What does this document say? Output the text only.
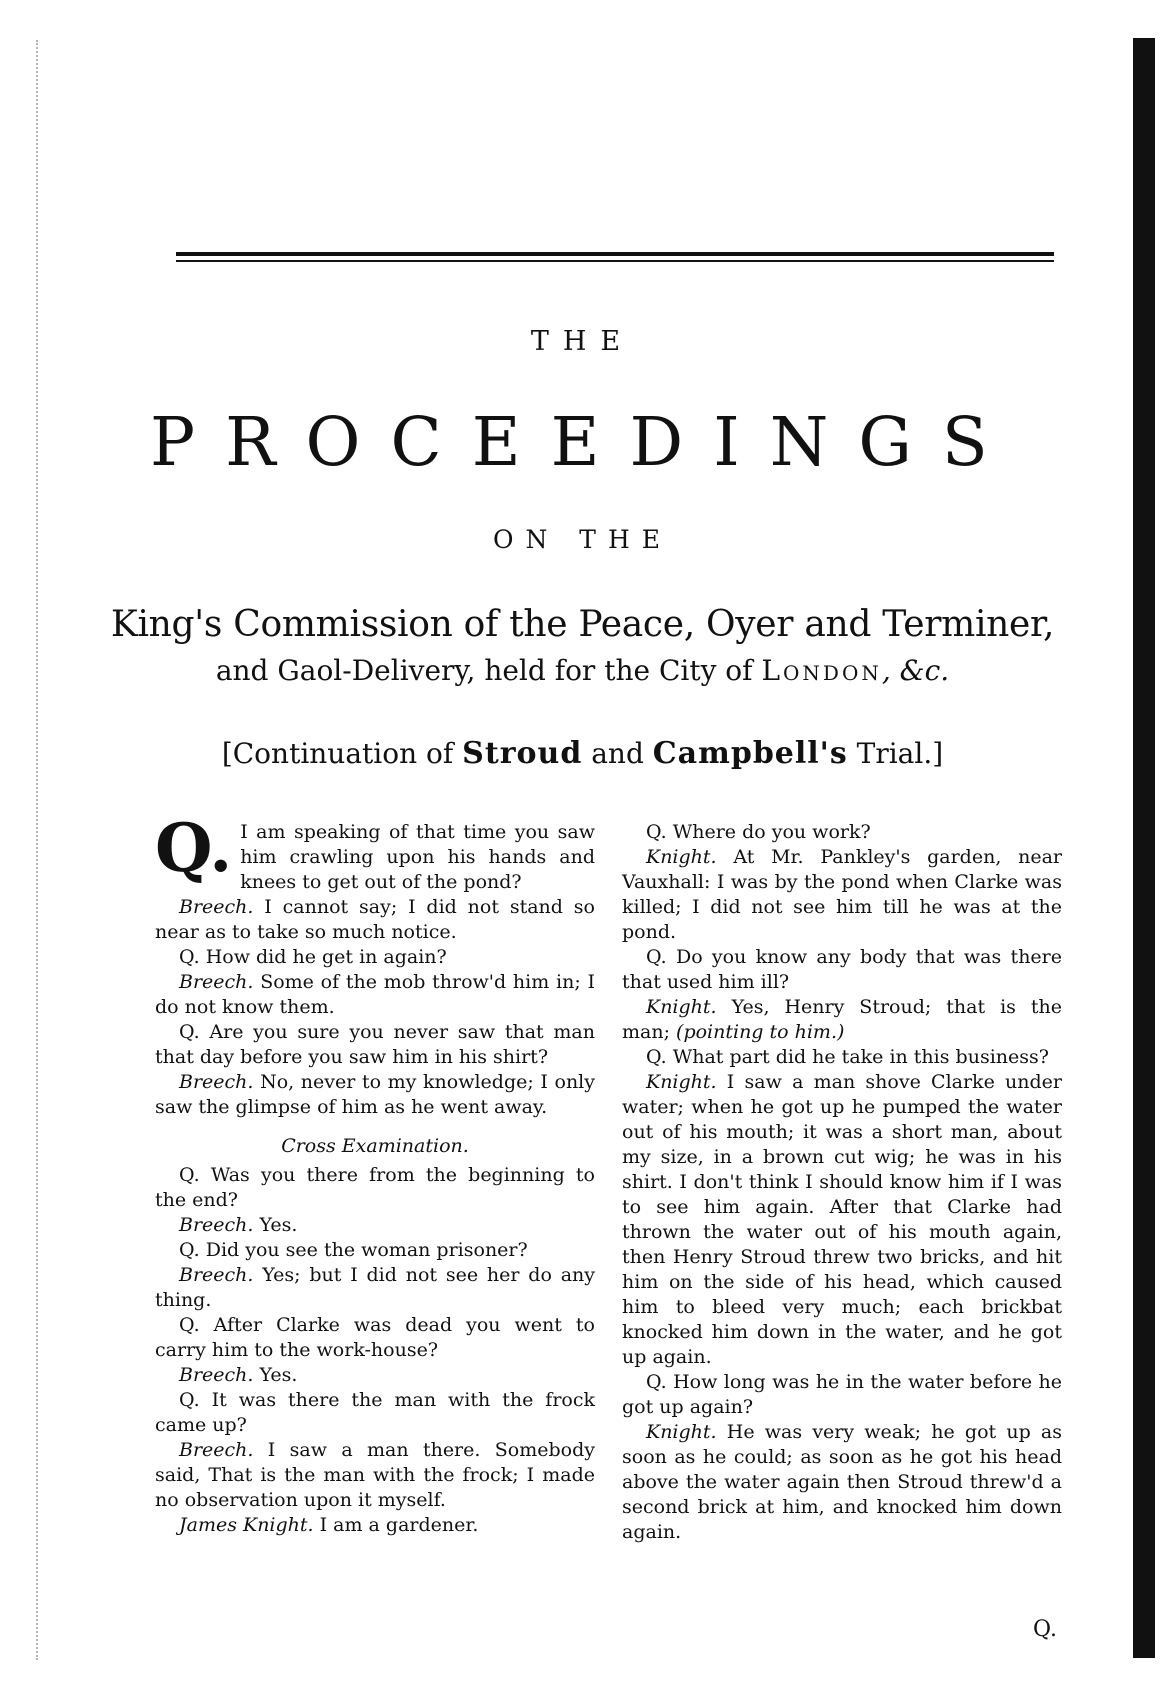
THE
PROCEEDINGS
ON THE
King's Commission of the Peace, Oyer and Terminer,
and Gaol-Delivery, held for the City of London, &c.
[Continuation of Stroud and Campbell's Trial.]

Q. I am speaking of that time you saw him crawling upon his hands and knees to get out of the pond?

Breech. I cannot say; I did not stand so near as to take so much notice.

Q. How did he get in again?

Breech. Some of the mob throw'd him in; I do not know them.

Q. Are you sure you never saw that man that day before you saw him in his shirt?

Breech. No, never to my knowledge; I only saw the glimpse of him as he went away.

Cross Examination.

Q. Was you there from the beginning to the end?

Breech. Yes.

Q. Did you see the woman prisoner?

Breech. Yes; but I did not see her do any thing.

Q. After Clarke was dead you went to carry him to the work-house?

Breech. Yes.

Q. It was there the man with the frock came up?

Breech. I saw a man there. Somebody said, That is the man with the frock; I made no observation upon it myself.

James Knight. I am a gardener.

Q. Where do you work?

Knight. At Mr. Pankley's garden, near Vauxhall: I was by the pond when Clarke was killed; I did not see him till he was at the pond.

Q. Do you know any body that was there that used him ill?

Knight. Yes, Henry Stroud; that is the man; (pointing to him.)

Q. What part did he take in this business?

Knight. I saw a man shove Clarke under water; when he got up he pumped the water out of his mouth; it was a short man, about my size, in a brown cut wig; he was in his shirt. I don't think I should know him if I was to see him again. After that Clarke had thrown the water out of his mouth again, then Henry Stroud threw two bricks, and hit him on the side of his head, which caused him to bleed very much; each brickbat knocked him down in the water, and he got up again.

Q. How long was he in the water before he got up again?

Knight. He was very weak; he got up as soon as he could; as soon as he got his head above the water again then Stroud threw'd a second brick at him, and knocked him down again.

Q.
